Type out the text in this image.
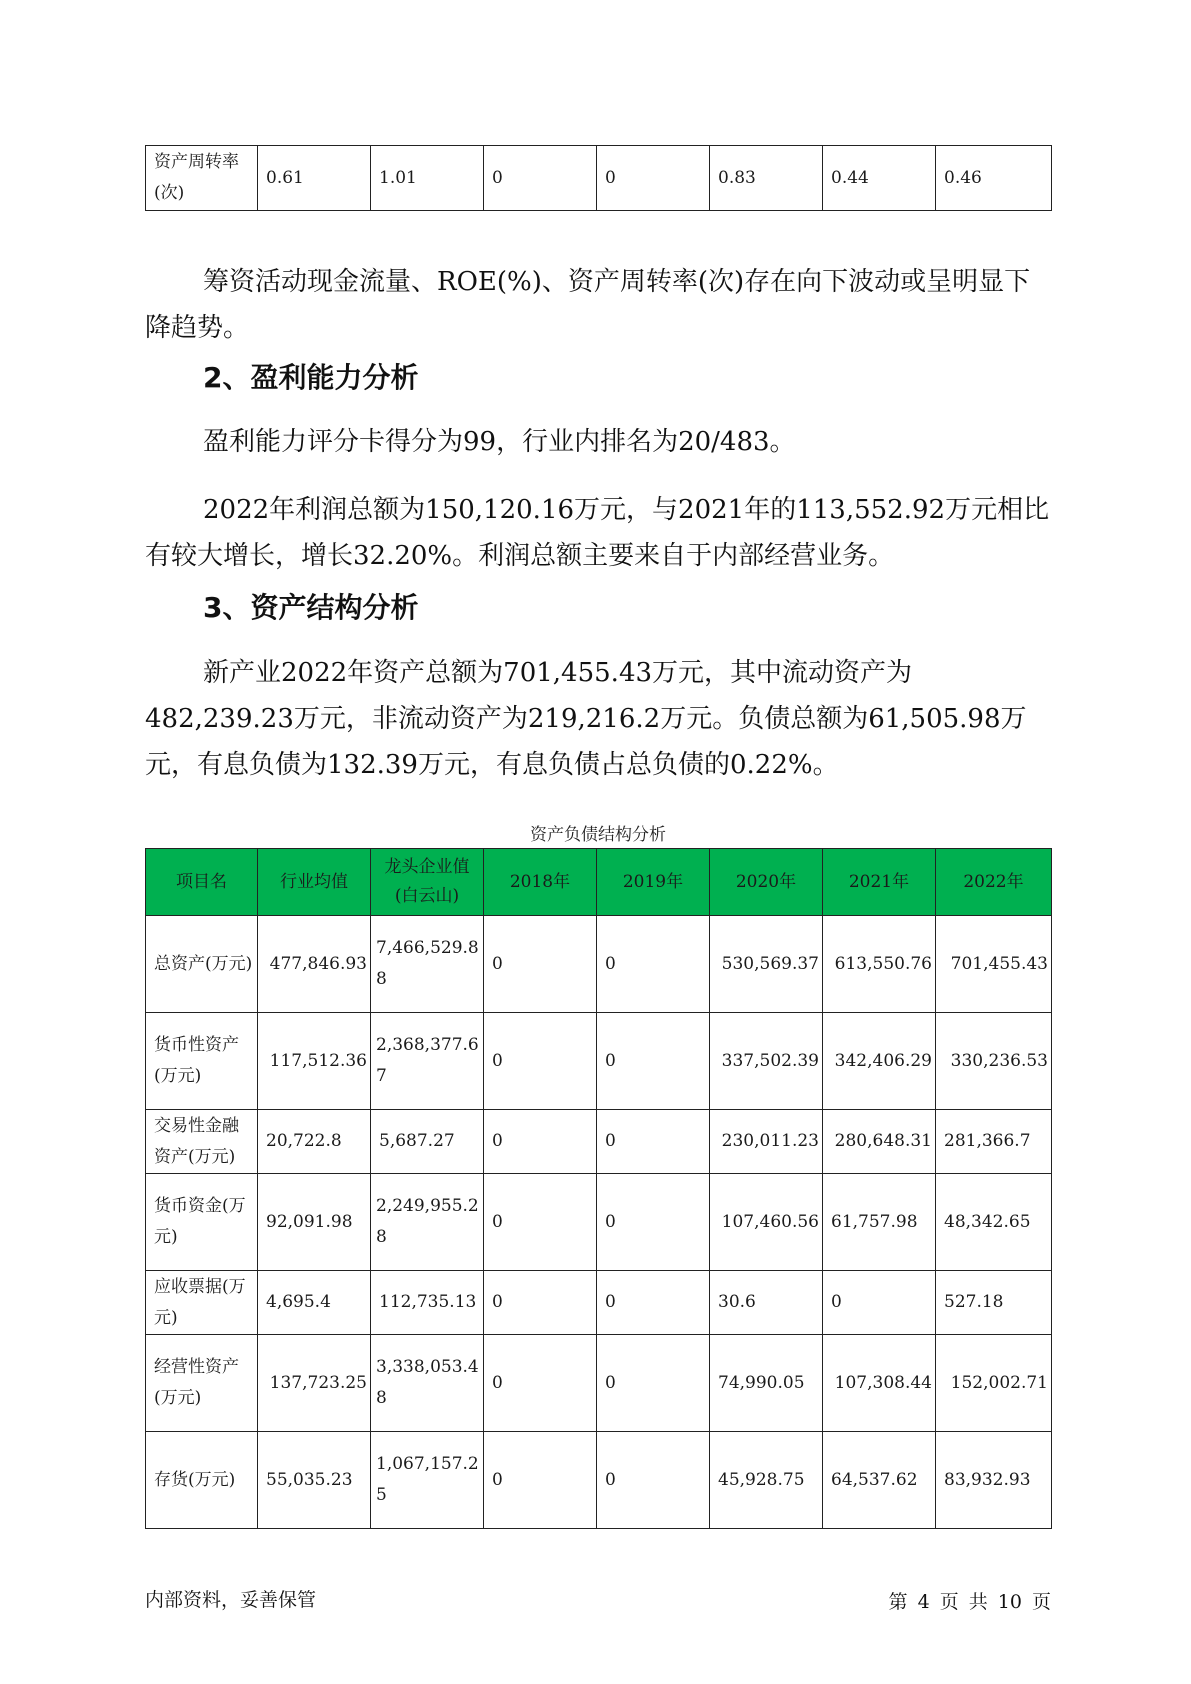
资产周转率(次)	0.61	1.01	0	0	0.83	0.44	0.46

筹资活动现金流量、ROE(%)、资产周转率(次)存在向下波动或呈明显下降趋势。

2、盈利能力分析

盈利能力评分卡得分为99，行业内排名为20/483。

2022年利润总额为150,120.16万元，与2021年的113,552.92万元相比有较大增长，增长32.20%。利润总额主要来自于内部经营业务。

3、资产结构分析

新产业2022年资产总额为701,455.43万元，其中流动资产为482,239.23万元，非流动资产为219,216.2万元。负债总额为61,505.98万元，有息负债为132.39万元，有息负债占总负债的0.22%。

资产负债结构分析
项目名	行业均值	龙头企业值(白云山)	2018年	2019年	2020年	2021年	2022年
总资产(万元)	477,846.93	7,466,529.88	0	0	530,569.37	613,550.76	701,455.43
货币性资产(万元)	117,512.36	2,368,377.67	0	0	337,502.39	342,406.29	330,236.53
交易性金融资产(万元)	20,722.8	5,687.27	0	0	230,011.23	280,648.31	281,366.7
货币资金(万元)	92,091.98	2,249,955.28	0	0	107,460.56	61,757.98	48,342.65
应收票据(万元)	4,695.4	112,735.13	0	0	30.6	0	527.18
经营性资产(万元)	137,723.25	3,338,053.48	0	0	74,990.05	107,308.44	152,002.71
存货(万元)	55,035.23	1,067,157.25	0	0	45,928.75	64,537.62	83,932.93
内部资料，妥善保管	第 4 页 共 10 页
